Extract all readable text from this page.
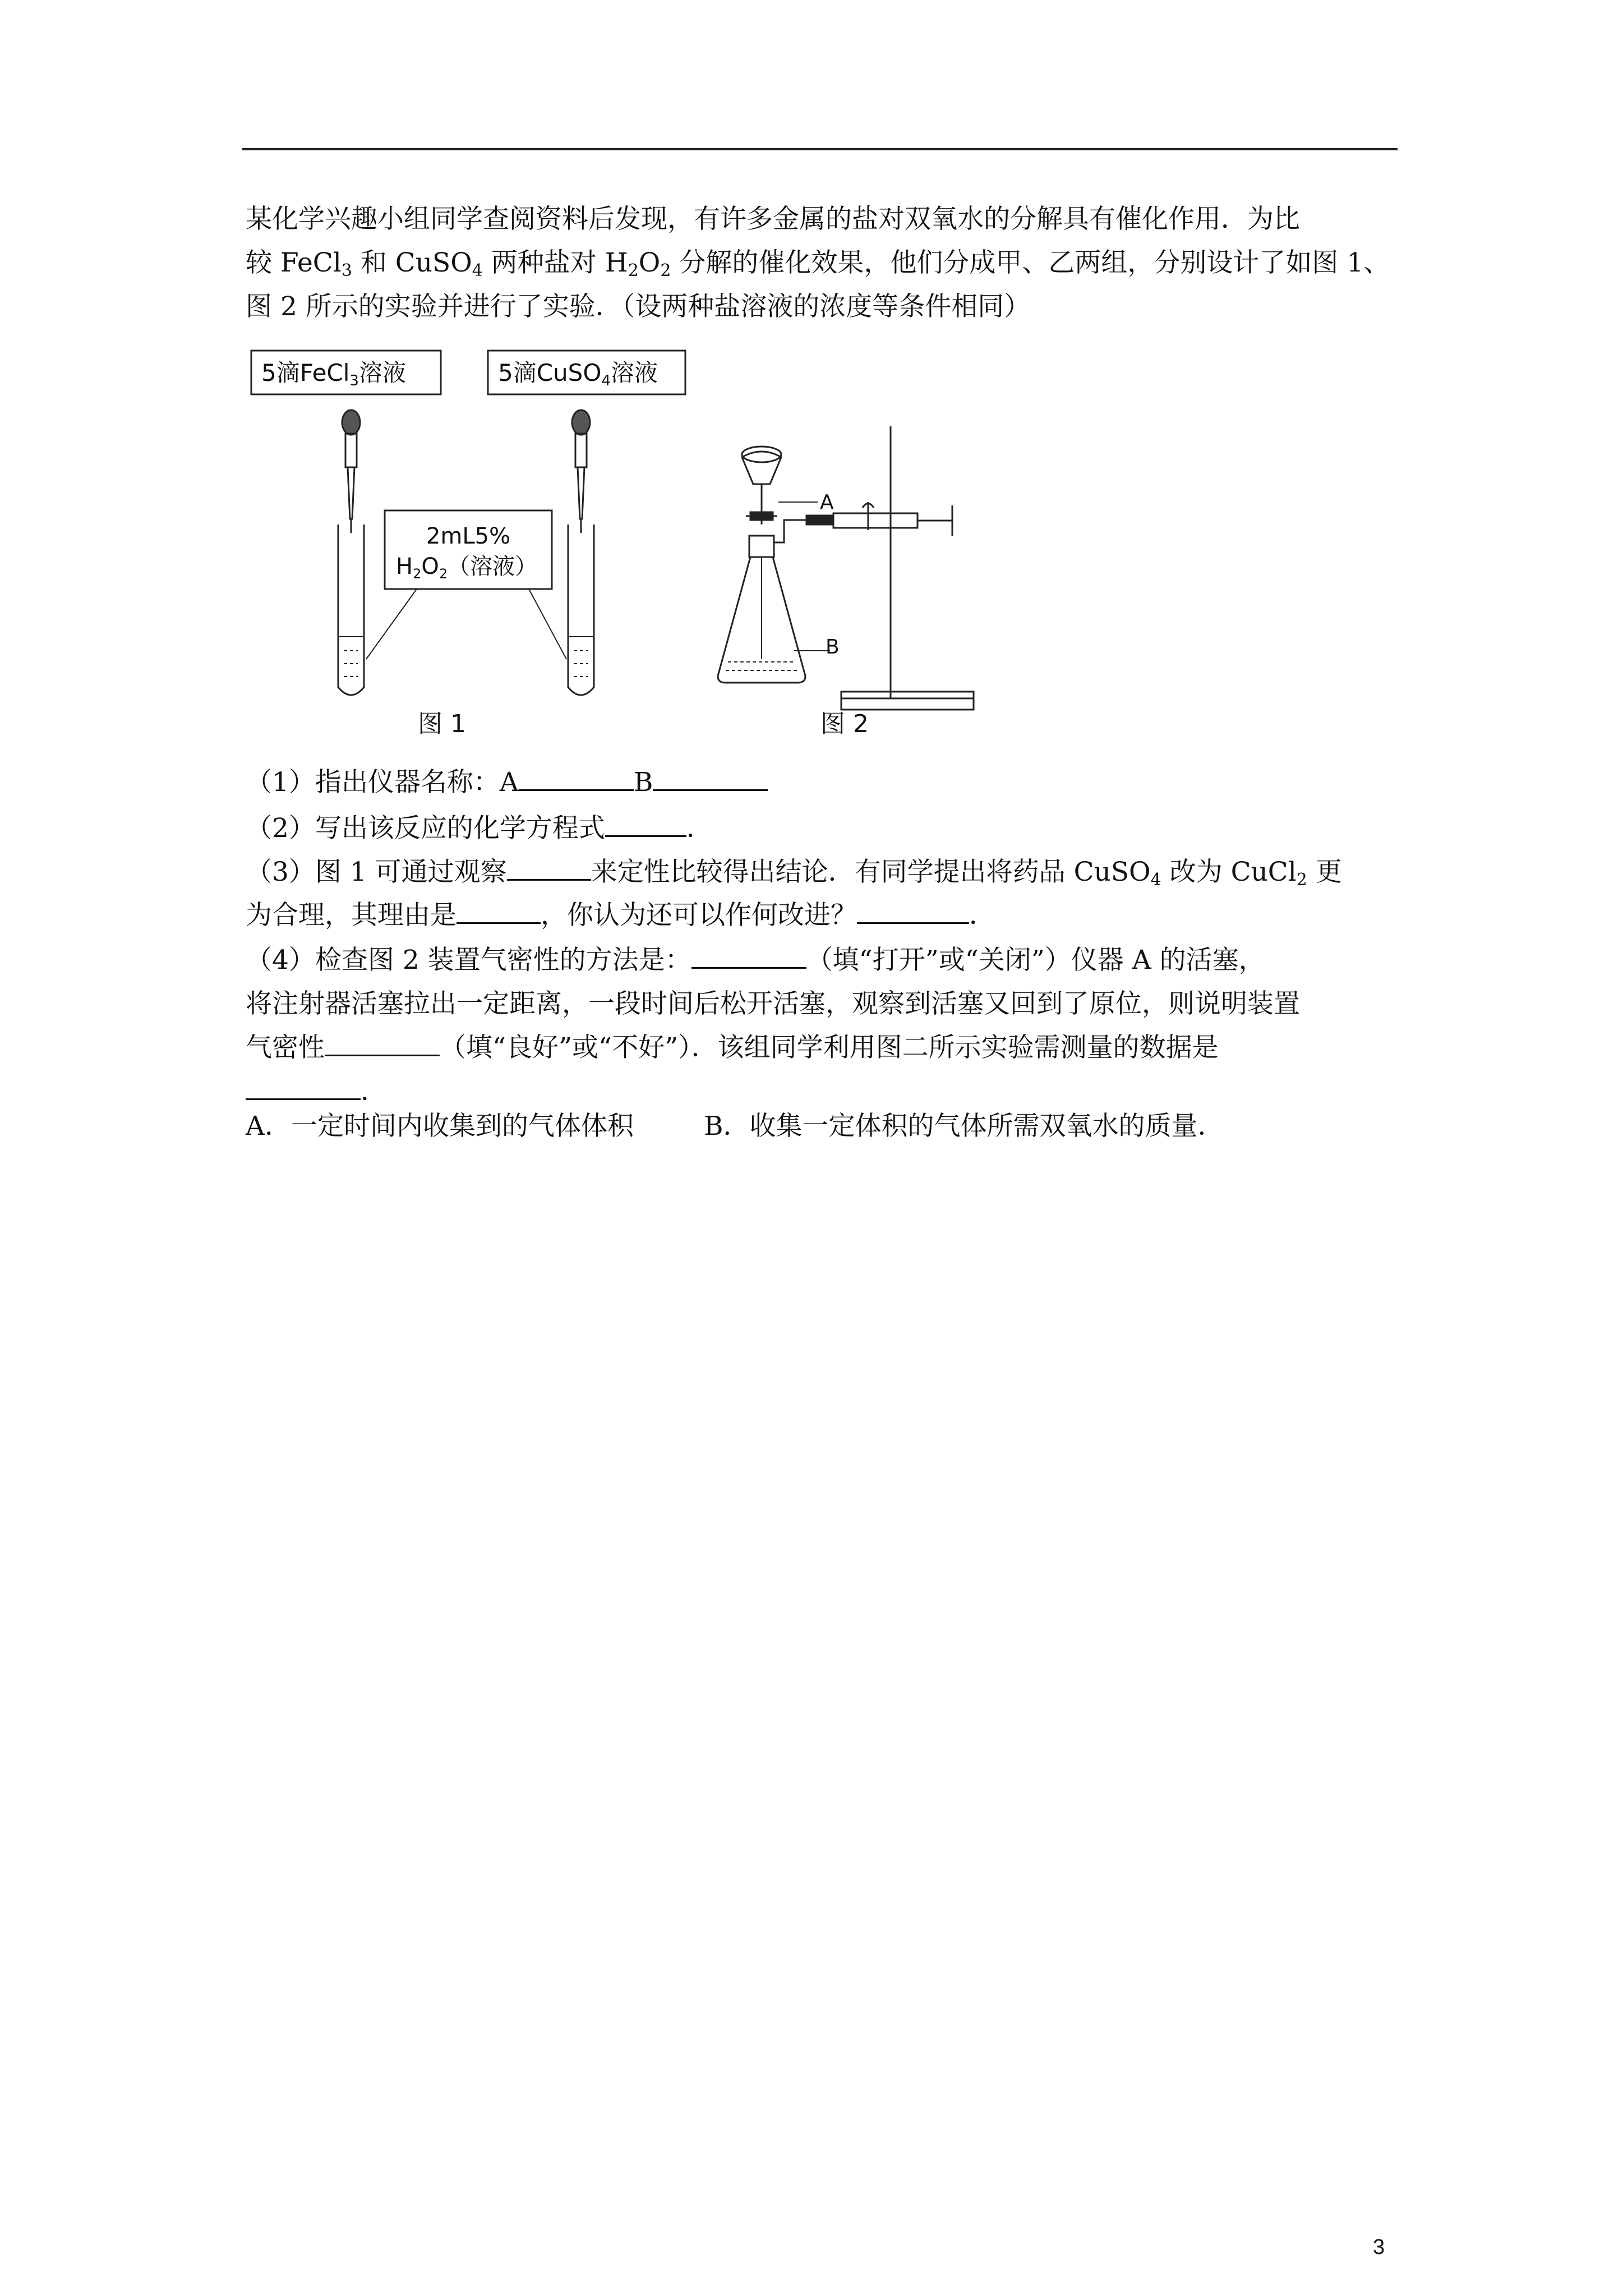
某化学兴趣小组同学查阅资料后发现，有许多金属的盐对双氧水的分解具有催化作用．为比
较 FeCl$_3$ 和 CuSO$_4$ 两种盐对 $H_2O_2$ 分解的催化效果，他们分成甲、乙两组，分别设计了如图 1、
图 2 所示的实验并进行了实验．（设两种盐溶液的浓度等条件相同）
5滴FeCl3溶液	5滴CuSO4溶液
2mL5%
$H_2O_2$（溶液）
图 1	图 2
A
B
（1）指出仪器名称：A	B
（2）写出该反应的化学方程式	．
（3）图 1 可通过观察	来定性比较得出结论．有同学提出将药品 CuSO$_4$ 改为 CuCl$_2$ 更
为合理，其理由是	，你认为还可以作何改进？	．
（4）检查图 2 装置气密性的方法是：	（填“打开”或“关闭”）仪器 A 的活塞，
将注射器活塞拉出一定距离，一段时间后松开活塞，观察到活塞又回到了原位，则说明装置
气密性	（填“良好”或“不好”）．该组同学利用图二所示实验需测量的数据是
．
A．一定时间内收集到的气体体积	B．收集一定体积的气体所需双氧水的质量．
3
